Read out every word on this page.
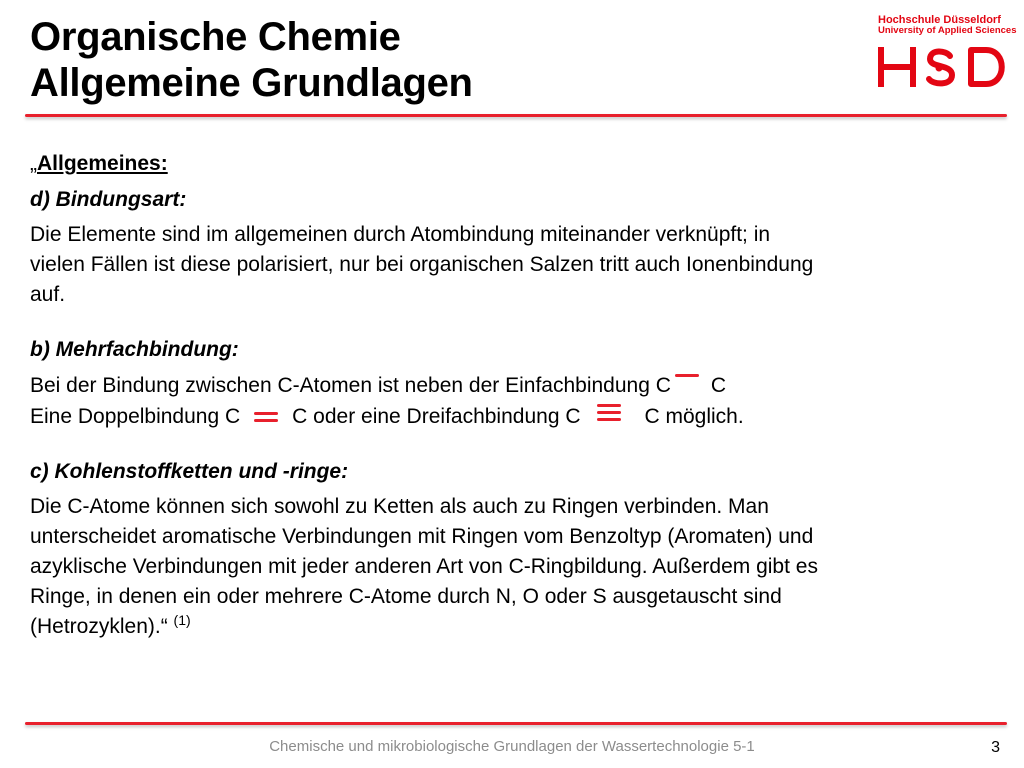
Organische Chemie
Allgemeine Grundlagen
Hochschule Düsseldorf
University of Applied Sciences

„Allgemeines:

d) Bindungsart:

Die Elemente sind im allgemeinen durch Atombindung miteinander verknüpft; in
vielen Fällen ist diese polarisiert, nur bei organischen Salzen tritt auch Ionenbindung
auf.

b) Mehrfachbindung:

Bei der Bindung zwischen C-Atomen ist neben der Einfachbindung C C

Eine Doppelbindung C C oder eine Dreifachbindung C	C möglich.

c) Kohlenstoffketten und -ringe:

Die C-Atome können sich sowohl zu Ketten als auch zu Ringen verbinden. Man
unterscheidet aromatische Verbindungen mit Ringen vom Benzoltyp (Aromaten) und
azyklische Verbindungen mit jeder anderen Art von C-Ringbildung. Außerdem gibt es
Ringe, in denen ein oder mehrere C-Atome durch N, O oder S ausgetauscht sind
(Hetrozyklen).“ $^{(1)}$

Chemische und mikrobiologische Grundlagen der Wassertechnologie 5-1	3
